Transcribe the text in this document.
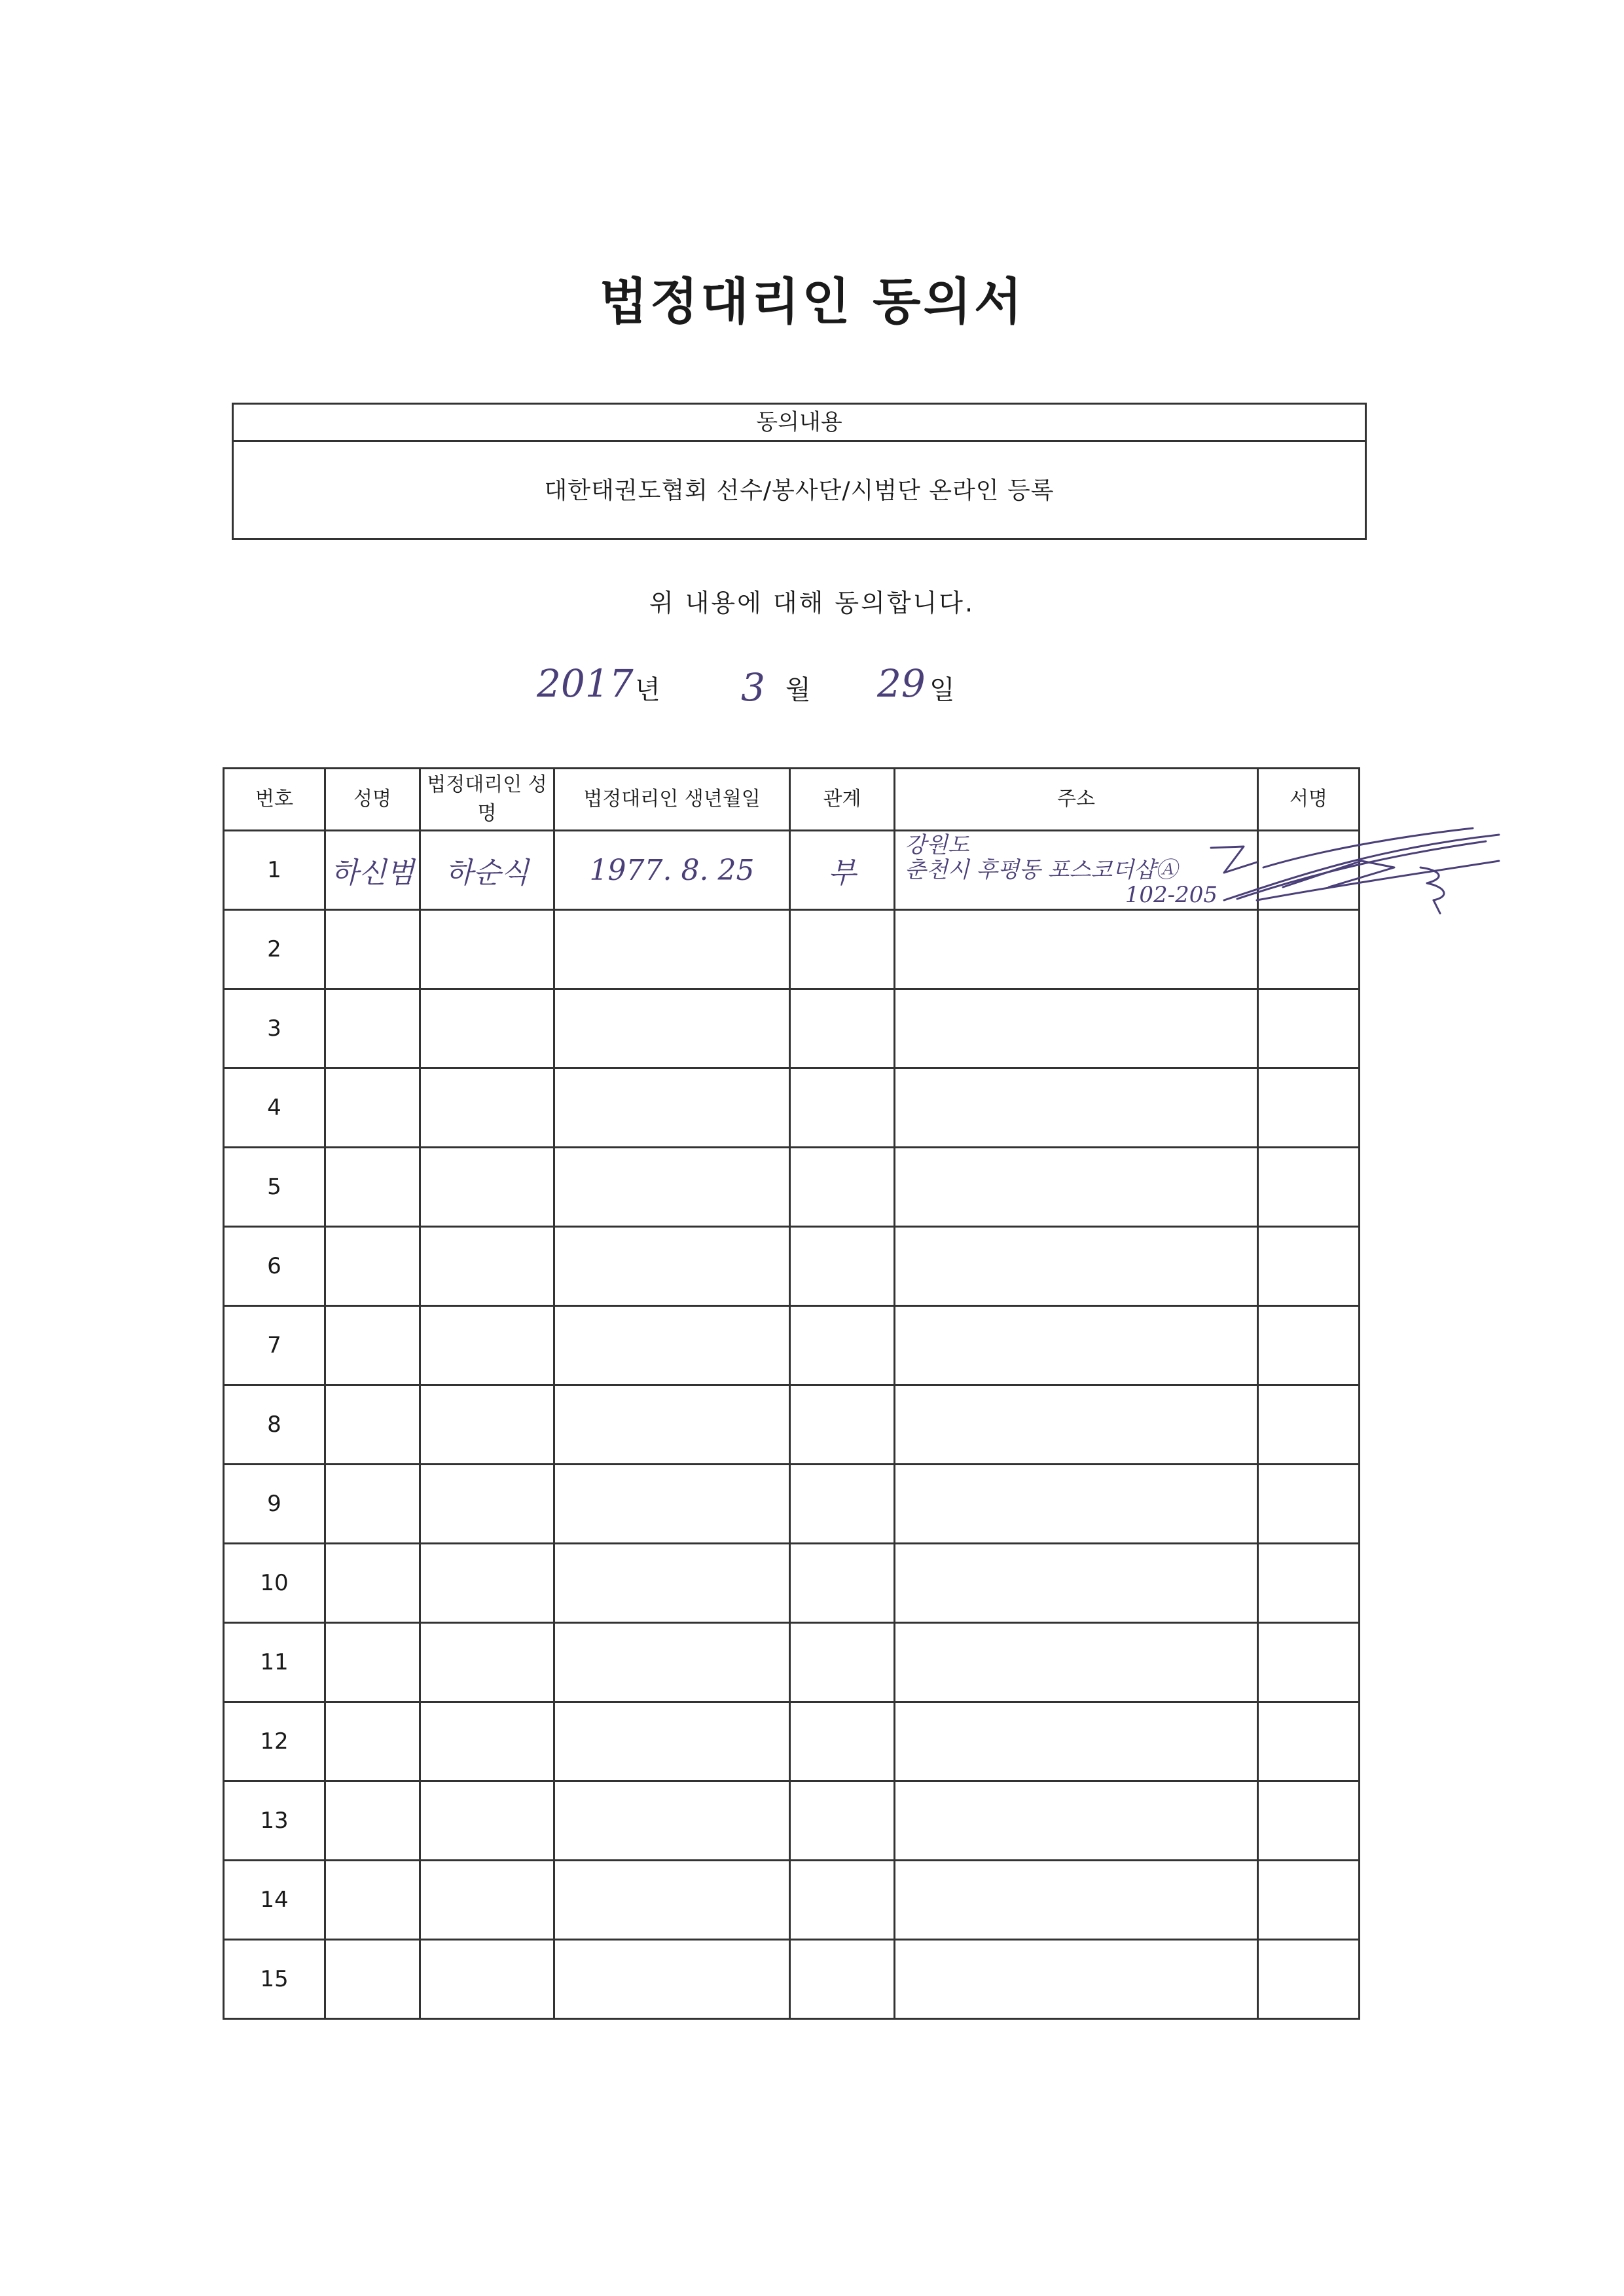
법정대리인 동의서
동의내용
대한태권도협회 선수/봉사단/시범단 온라인 등록
위 내용에 대해 동의합니다.
2017 년 3 월 29 일
번호	성명	법정대리인 성명	법정대리인 생년월일	관계	주소	서명
1	하신범	하순식	1977. 8. 25	부	강원도
춘천시 후평동 포스코더샵Ⓐ
102-205	

2						
3						
4						
5						
6						
7						
8						
9						
10						
11						
12						
13						
14						
15						
